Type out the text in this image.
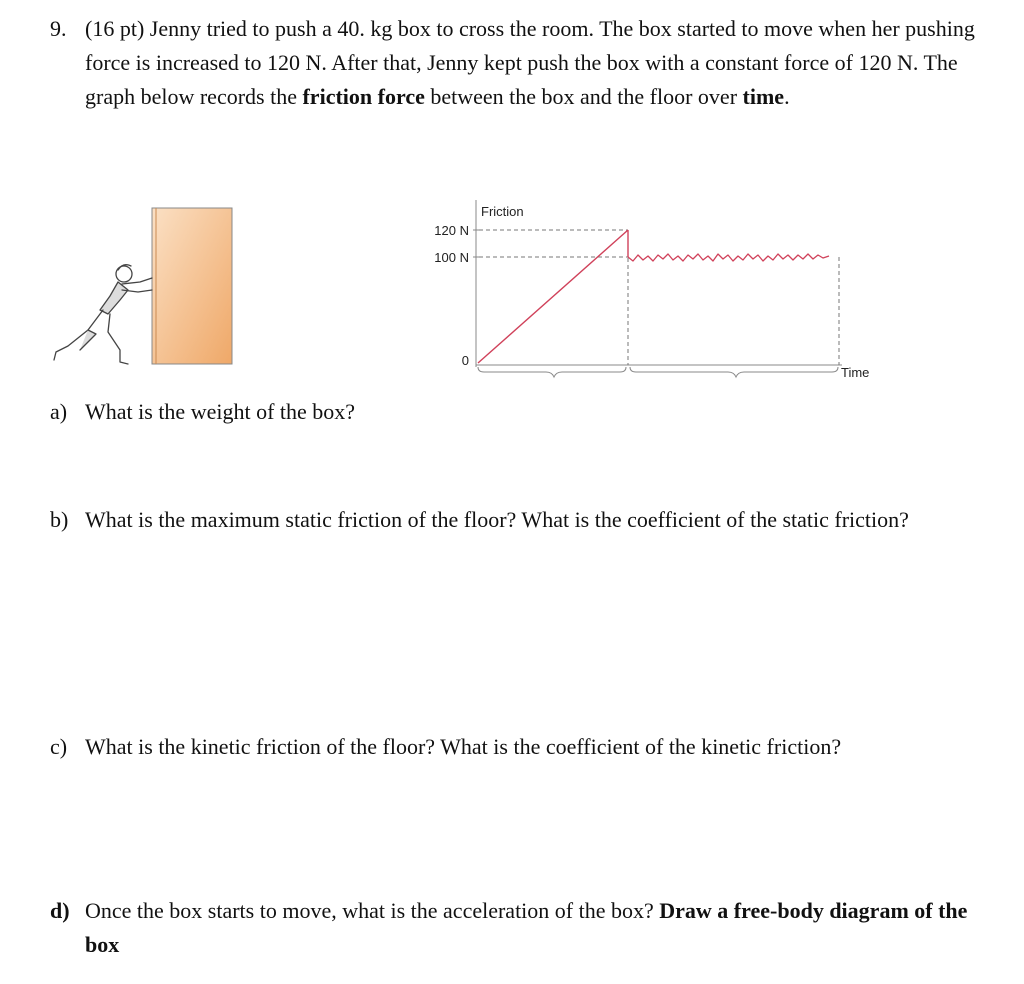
9. (16 pt) Jenny tried to push a 40. kg box to cross the room. The box started to move when her pushing force is increased to 120 N. After that, Jenny kept push the box with a constant force of 120 N. The graph below records the friction force between the box and the floor over time.
Friction
120 N
100 N
0
Time
a) What is the weight of the box?
b) What is the maximum static friction of the floor? What is the coefficient of the static friction?
c) What is the kinetic friction of the floor? What is the coefficient of the kinetic friction?
d) Once the box starts to move, what is the acceleration of the box? Draw a free-body diagram of the box
